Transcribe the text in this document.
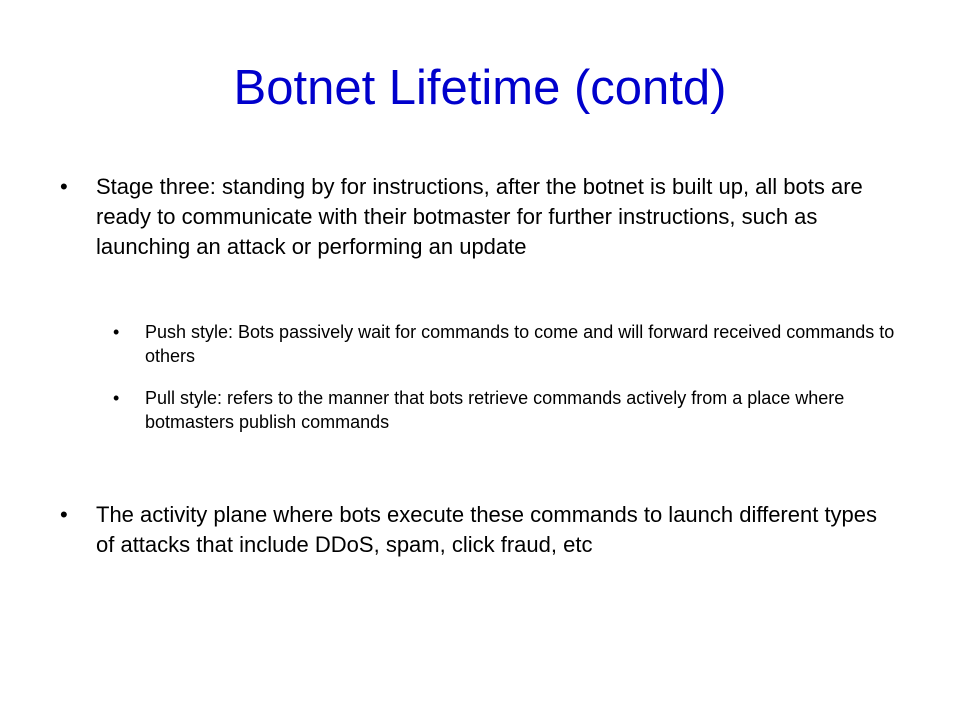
Botnet Lifetime (contd)
•	Stage three: standing by for instructions, after the botnet is built up, all bots are ready to communicate with their botmaster for further instructions, such as launching an attack or performing an update
•	Push style: Bots passively wait for commands to come and will forward received commands to others
•	Pull style: refers to the manner that bots retrieve commands actively from a place where botmasters publish commands
•	The activity plane where bots execute these commands to launch different types of attacks that include DDoS, spam, click fraud, etc
